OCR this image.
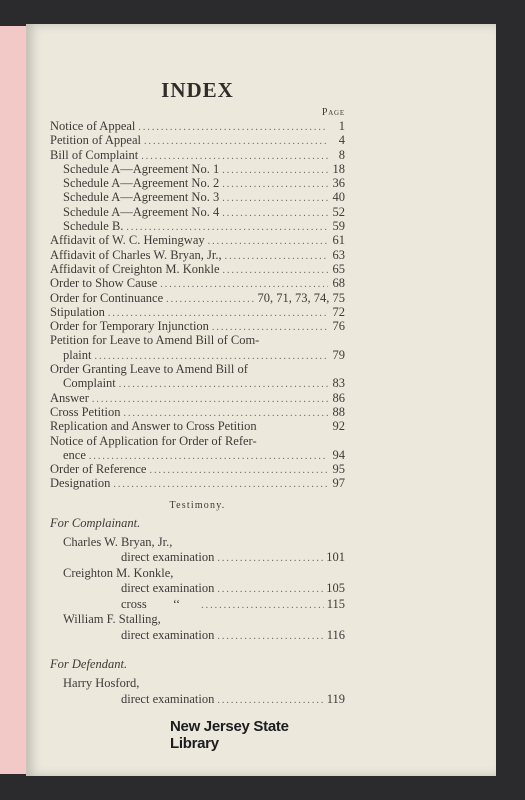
INDEX
Page
Notice of Appeal .....	1
Petition of Appeal .....	4
Bill of Complaint .....	8
Schedule A—Agreement No. 1 .....	18
Schedule A—Agreement No. 2 .....	36
Schedule A—Agreement No. 3 .....	40
Schedule A—Agreement No. 4 .....	52
Schedule B. .....	59
Affidavit of W. C. Hemingway .....	61
Affidavit of Charles W. Bryan, Jr., .....	63
Affidavit of Creighton M. Konkle .....	65
Order to Show Cause .....	68
Order for Continuance .....	70, 71, 73, 74, 75
Stipulation .....	72
Order for Temporary Injunction .....	76
Petition for Leave to Amend Bill of Com-
plaint .....	79
Order Granting Leave to Amend Bill of
Complaint .....	83
Answer .....	86
Cross Petition .....	88
Replication and Answer to Cross Petition	92
Notice of Application for Order of Refer-
ence .....	94
Order of Reference .....	95
Designation .....	97
Testimony.
For Complainant.
Charles W. Bryan, Jr.,
direct examination .....	101
Creighton M. Konkle,
direct examination .....	105
cross ‘‘ .....	115
William F. Stalling,
direct examination .....	116
For Defendant.
Harry Hosford,
direct examination .....	119
New Jersey State Library
